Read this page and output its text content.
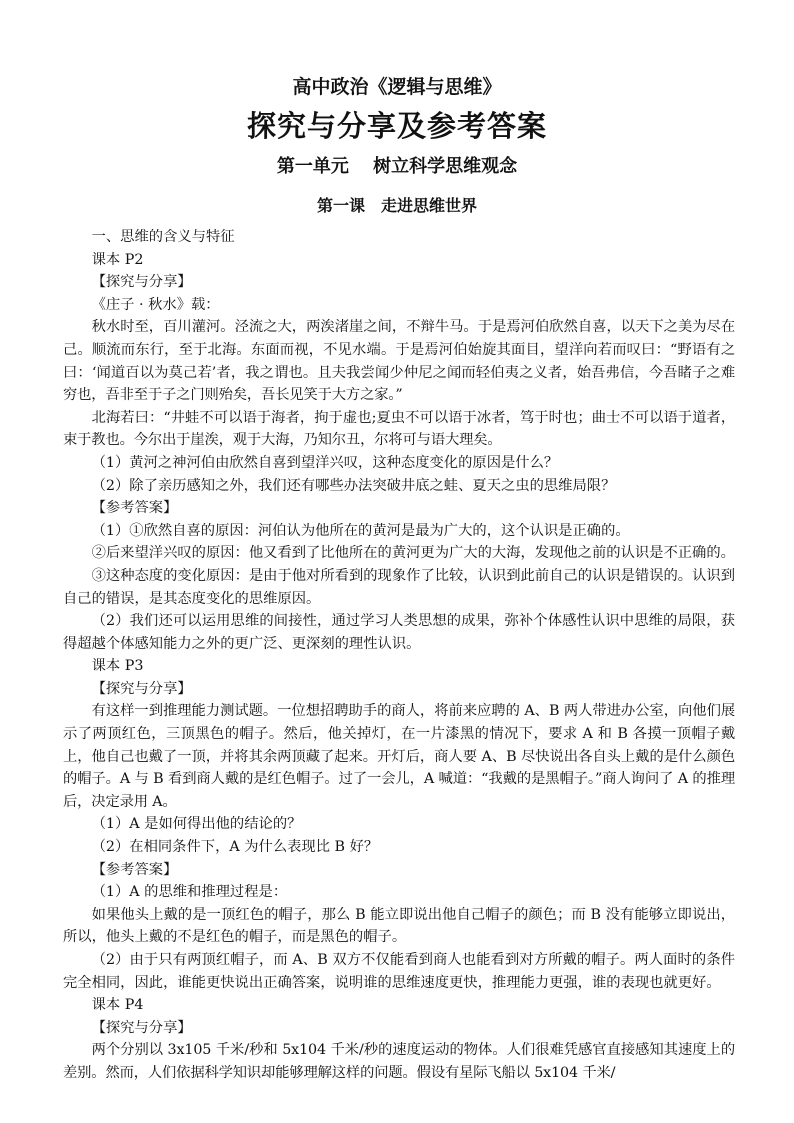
高中政治《逻辑与思维》

探究与分享及参考答案

第一单元　 树立科学思维观念

第一课　走进思维世界

一、思维的含义与特征

课本 P2

【探究与分享】

《庄子 · 秋水》载：

秋水时至，百川灌河。泾流之大，两涘渚崖之间，不辩牛马。于是焉河伯欣然自喜，以天下之美为尽在己。顺流而东行，至于北海。东面而视，不见水端。于是焉河伯始旋其面目，望洋向若而叹曰：“野语有之曰：‘闻道百以为莫己若’者，我之谓也。且夫我尝闻少仲尼之闻而轻伯夷之义者，始吾弗信，今吾睹子之难穷也，吾非至于子之门则殆矣，吾长见笑于大方之家。”

北海若曰：“井蛙不可以语于海者，拘于虚也;夏虫不可以语于冰者，笃于时也；曲士不可以语于道者，束于教也。今尔出于崖涘，观于大海，乃知尔丑，尔将可与语大理矣。

（1）黄河之神河伯由欣然自喜到望洋兴叹，这种态度变化的原因是什么？

（2）除了亲历感知之外，我们还有哪些办法突破井底之蛙、夏天之虫的思维局限？

【参考答案】

（1）①欣然自喜的原因：河伯认为他所在的黄河是最为广大的，这个认识是正确的。

②后来望洋兴叹的原因：他又看到了比他所在的黄河更为广大的大海，发现他之前的认识是不正确的。

③这种态度的变化原因：是由于他对所看到的现象作了比较，认识到此前自己的认识是错误的。认识到自己的错误，是其态度变化的思维原因。

（2）我们还可以运用思维的间接性，通过学习人类思想的成果，弥补个体感性认识中思维的局限，获得超越个体感知能力之外的更广泛、更深刻的理性认识。

课本 P3

【探究与分享】

有这样一到推理能力测试题。一位想招聘助手的商人，将前来应聘的 A、B 两人带进办公室，向他们展示了两顶红色，三顶黑色的帽子。然后，他关掉灯，在一片漆黑的情况下，要求 A 和 B 各摸一顶帽子戴上，他自己也戴了一顶，并将其余两顶藏了起来。开灯后，商人要 A、B 尽快说出各自头上戴的是什么颜色的帽子。A 与 B 看到商人戴的是红色帽子。过了一会儿，A 喊道：“我戴的是黑帽子。”商人询问了 A 的推理后，决定录用 A。

（1）A 是如何得出他的结论的？

（2）在相同条件下，A 为什么表现比 B 好？

【参考答案】

（1）A 的思维和推理过程是：

如果他头上戴的是一顶红色的帽子，那么 B 能立即说出他自己帽子的颜色；而 B 没有能够立即说出，所以，他头上戴的不是红色的帽子，而是黑色的帽子。

（2）由于只有两顶红帽子，而 A、B 双方不仅能看到商人也能看到对方所戴的帽子。两人面时的条件完全相同，因此，谁能更快说出正确答案，说明谁的思维速度更快，推理能力更强，谁的表现也就更好。

课本 P4

【探究与分享】

两个分别以 3x105 千米/秒和 5x104 千米/秒的速度运动的物体。人们很难凭感官直接感知其速度上的差别。然而，人们依据科学知识却能够理解这样的问题。假设有星际飞船以 5x104 千米/
